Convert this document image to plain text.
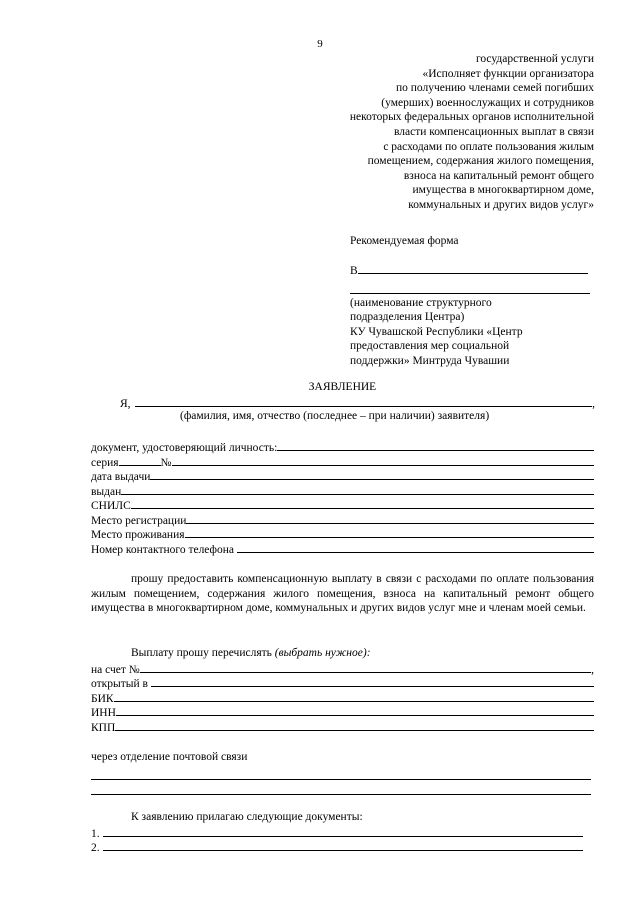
9
государственной услуги
«Исполняет функции организатора
по получению членами семей погибших
(умерших) военнослужащих и сотрудников
некоторых федеральных органов исполнительной
власти компенсационных выплат в связи
с расходами по оплате пользования жилым
помещением, содержания жилого помещения,
взноса на капитальный ремонт общего
имущества в многоквартирном доме,
коммунальных и других видов услуг»
Рекомендуемая форма
В
(наименование структурного
подразделения Центра)
КУ Чувашской Республики «Центр
предоставления мер социальной
поддержки» Минтруда Чувашии
ЗАЯВЛЕНИЕ
Я,	,
(фамилия, имя, отчество (последнее – при наличии) заявителя)
документ, удостоверяющий личность:
серия	№
дата выдачи
выдан
СНИЛС
Место регистрации
Место проживания
Номер контактного телефона
прошу предоставить компенсационную выплату в связи с расходами по оплате пользования жилым помещением, содержания жилого помещения, взноса на капитальный ремонт общего имущества в многоквартирном доме, коммунальных и других видов услуг мне и членам моей семьи.
Выплату прошу перечислять (выбрать нужное):
на счет №	,
открытый в
БИК
ИНН
КПП
через отделение почтовой связи
К заявлению прилагаю следующие документы:
1.
2.
